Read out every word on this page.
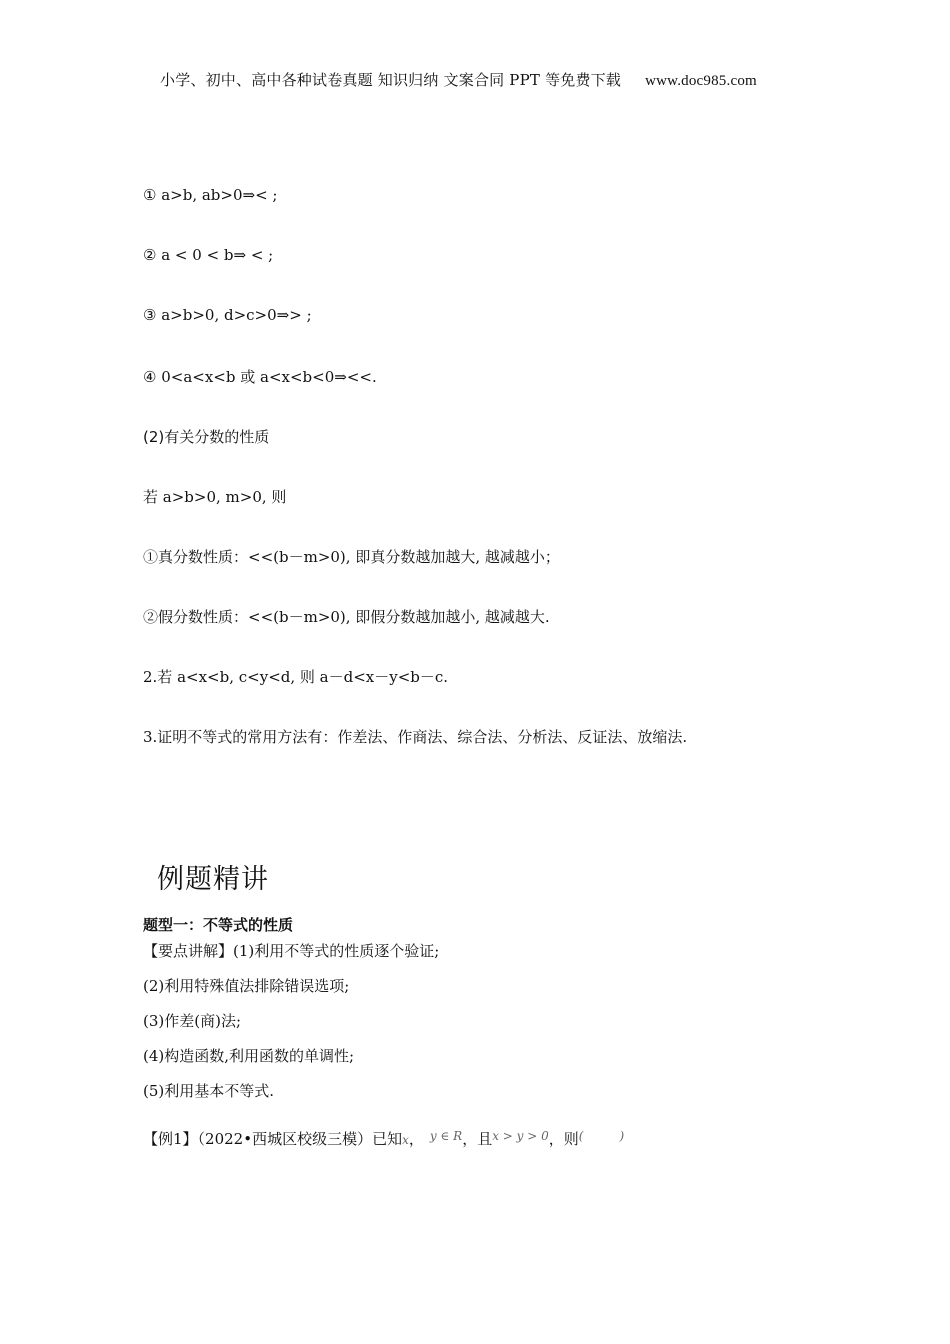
小学、初中、高中各种试卷真题 知识归纳 文案合同 PPT 等免费下载 www.doc985.com
① a>b, ab>0⇒< ;
② a < 0 < b⇒ < ;
③ a>b>0, d>c>0⇒> ;
④ 0<a<x<b 或 a<x<b<0⇒<<.
(2)有关分数的性质
若 a>b>0, m>0, 则
①真分数性质：<<(b－m>0), 即真分数越加越大, 越减越小；
②假分数性质：<<(b－m>0), 即假分数越加越小, 越减越大.
2.若 a<x<b, c<y<d, 则 a－d<x－y<b－c.
3.证明不等式的常用方法有：作差法、作商法、综合法、分析法、反证法、放缩法.
例题精讲
题型一：不等式的性质
【要点讲解】(1)利用不等式的性质逐个验证;
(2)利用特殊值法排除错误选项;
(3)作差(商)法;
(4)构造函数,利用函数的单调性;
(5)利用基本不等式.
【例1】（2022•西城区校级三模）已知x， $^{y \in R}$，且$^{x > y > 0}$，则(	)
